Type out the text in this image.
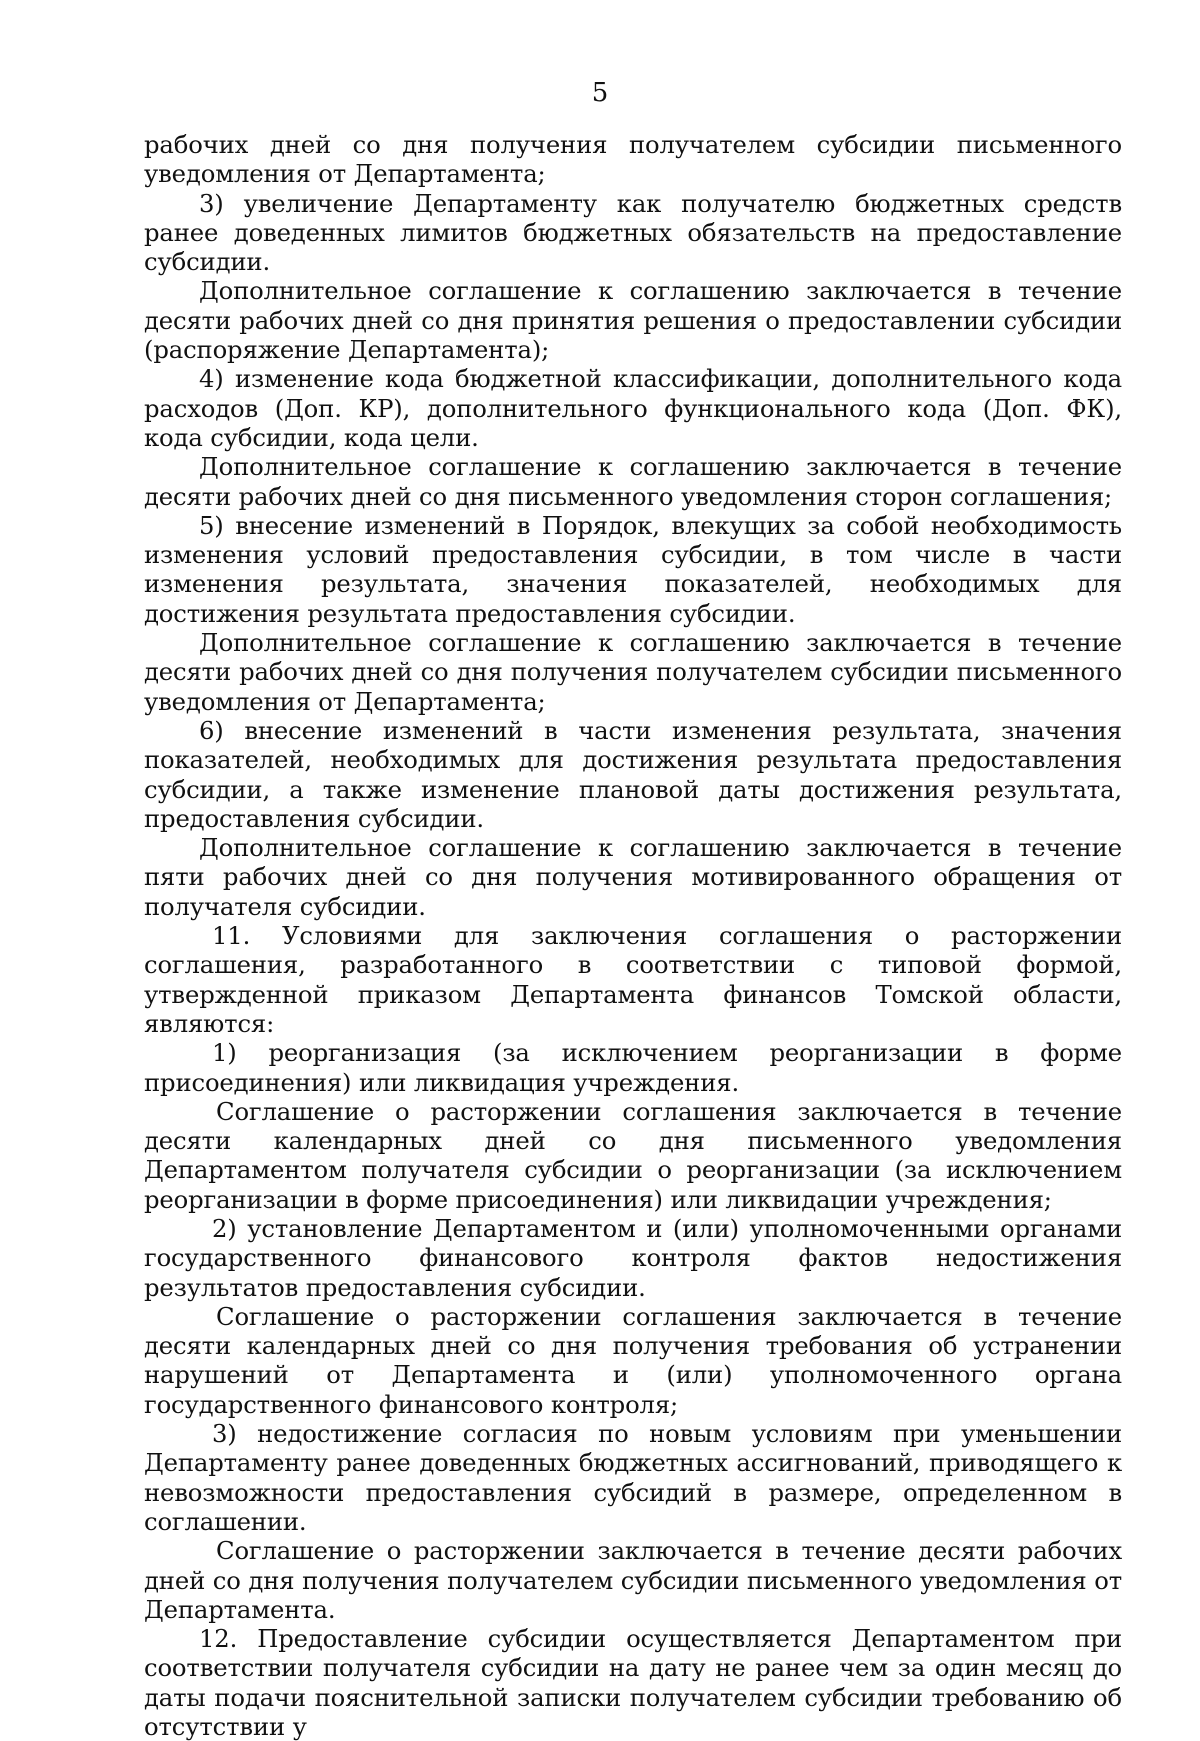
5

рабочих дней со дня получения получателем субсидии письменного уведомления от Департамента;

3) увеличение Департаменту как получателю бюджетных средств ранее доведенных лимитов бюджетных обязательств на предоставление субсидии.

Дополнительное соглашение к соглашению заключается в течение десяти рабочих дней со дня принятия решения о предоставлении субсидии (распоряжение Департамента);

4) изменение кода бюджетной классификации, дополнительного кода расходов (Доп. КР), дополнительного функционального кода (Доп. ФК), кода субсидии, кода цели.

Дополнительное соглашение к соглашению заключается в течение десяти рабочих дней со дня письменного уведомления сторон соглашения;

5) внесение изменений в Порядок, влекущих за собой необходимость изменения условий предоставления субсидии, в том числе в части изменения результата, значения показателей, необходимых для достижения результата предоставления субсидии.

Дополнительное соглашение к соглашению заключается в течение десяти рабочих дней со дня получения получателем субсидии письменного уведомления от Департамента;

6) внесение изменений в части изменения результата, значения показателей, необходимых для достижения результата предоставления субсидии, а также изменение плановой даты достижения результата, предоставления субсидии.

Дополнительное соглашение к соглашению заключается в течение пяти рабочих дней со дня получения мотивированного обращения от получателя субсидии.

11. Условиями для заключения соглашения о расторжении соглашения, разработанного в соответствии с типовой формой, утвержденной приказом Департамента финансов Томской области, являются:

1) реорганизация (за исключением реорганизации в форме присоединения) или ликвидация учреждения.

Соглашение о расторжении соглашения заключается в течение десяти календарных дней со дня письменного уведомления Департаментом получателя субсидии о реорганизации (за исключением реорганизации в форме присоединения) или ликвидации учреждения;

2) установление Департаментом и (или) уполномоченными органами государственного финансового контроля фактов недостижения результатов предоставления субсидии.

Соглашение о расторжении соглашения заключается в течение десяти календарных дней со дня получения требования об устранении нарушений от Департамента и (или) уполномоченного органа государственного финансового контроля;

3) недостижение согласия по новым условиям при уменьшении Департаменту ранее доведенных бюджетных ассигнований, приводящего к невозможности предоставления субсидий в размере, определенном в соглашении.

Соглашение о расторжении заключается в течение десяти рабочих дней со дня получения получателем субсидии письменного уведомления от Департамента.

12. Предоставление субсидии осуществляется Департаментом при соответствии получателя субсидии на дату не ранее чем за один месяц до даты подачи пояснительной записки получателем субсидии требованию об отсутствии у
